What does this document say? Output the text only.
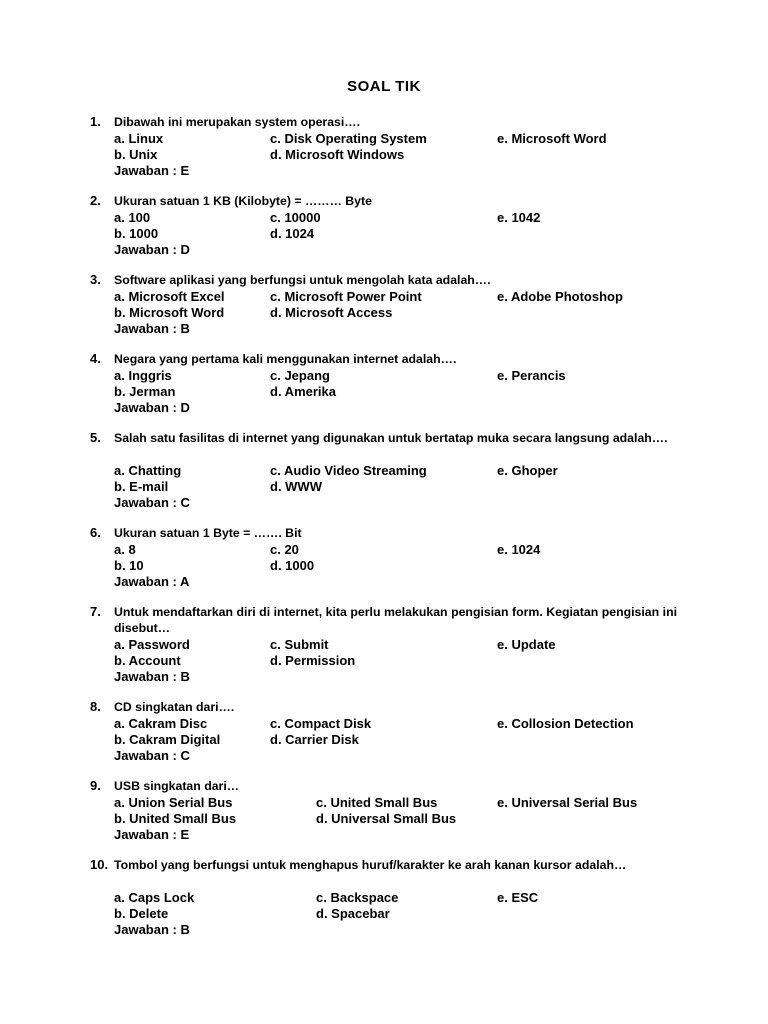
SOAL TIK
1. Dibawah ini merupakan system operasi….
a. Linux	c. Disk Operating System	e. Microsoft Word
b. Unix	d. Microsoft Windows
Jawaban : E
2. Ukuran satuan 1 KB (Kilobyte) = ……… Byte
a. 100	c. 10000	e. 1042
b. 1000	d. 1024
Jawaban : D
3. Software aplikasi yang berfungsi untuk mengolah kata adalah….
a. Microsoft Excel	c. Microsoft Power Point	e. Adobe Photoshop
b. Microsoft Word	d. Microsoft Access
Jawaban : B
4. Negara yang pertama kali menggunakan internet adalah….
a. Inggris	c. Jepang	e. Perancis
b. Jerman	d. Amerika
Jawaban : D
5. Salah satu fasilitas di internet yang digunakan untuk bertatap muka secara langsung adalah….
a. Chatting	c. Audio Video Streaming	e. Ghoper
b. E-mail	d. WWW
Jawaban : C
6. Ukuran satuan 1 Byte = ……. Bit
a. 8	c. 20	e. 1024
b. 10	d. 1000
Jawaban : A
7. Untuk mendaftarkan diri di internet, kita perlu melakukan pengisian form. Kegiatan pengisian ini disebut…
a. Password	c. Submit	e. Update
b. Account	d. Permission
Jawaban : B
8. CD singkatan dari….
a. Cakram Disc	c. Compact Disk	e. Collosion Detection
b. Cakram Digital	d. Carrier Disk
Jawaban : C
9. USB singkatan dari…
a. Union Serial Bus	c. United Small Bus	e. Universal Serial Bus
b. United Small Bus	d. Universal Small Bus
Jawaban : E
10. Tombol yang berfungsi untuk menghapus huruf/karakter ke arah kanan kursor adalah…
a. Caps Lock	c. Backspace	e. ESC
b. Delete	d. Spacebar
Jawaban : B
